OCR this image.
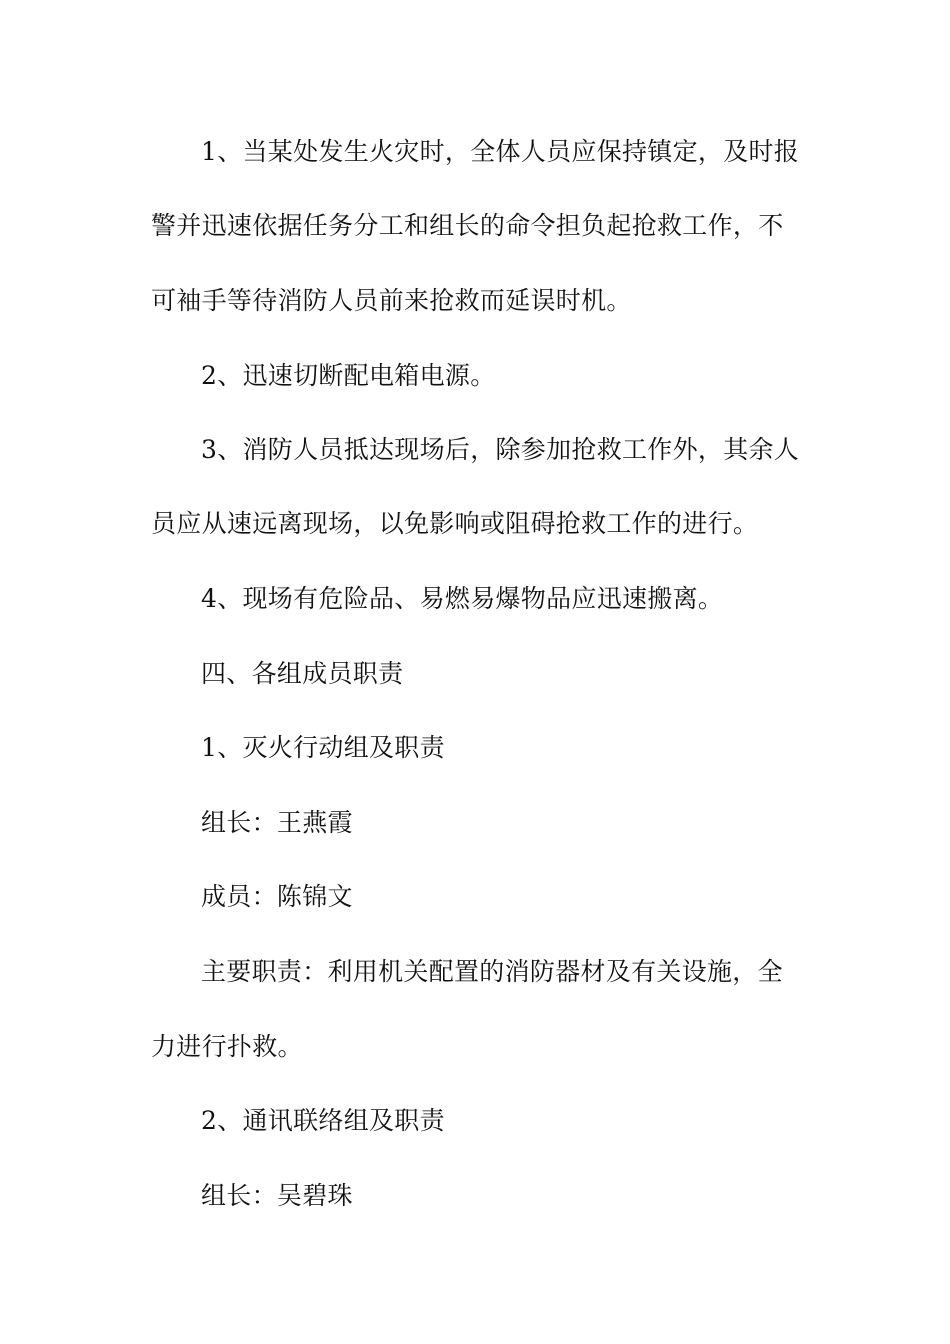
1、当某处发生火灾时，全体人员应保持镇定，及时报
警并迅速依据任务分工和组长的命令担负起抢救工作，不
可袖手等待消防人员前来抢救而延误时机。
2、迅速切断配电箱电源。
3、消防人员抵达现场后，除参加抢救工作外，其余人
员应从速远离现场，以免影响或阻碍抢救工作的进行。
4、现场有危险品、易燃易爆物品应迅速搬离。
四、各组成员职责
1、灭火行动组及职责
组长：王燕霞
成员：陈锦文
主要职责：利用机关配置的消防器材及有关设施，全
力进行扑救。
2、通讯联络组及职责
组长：吴碧珠
